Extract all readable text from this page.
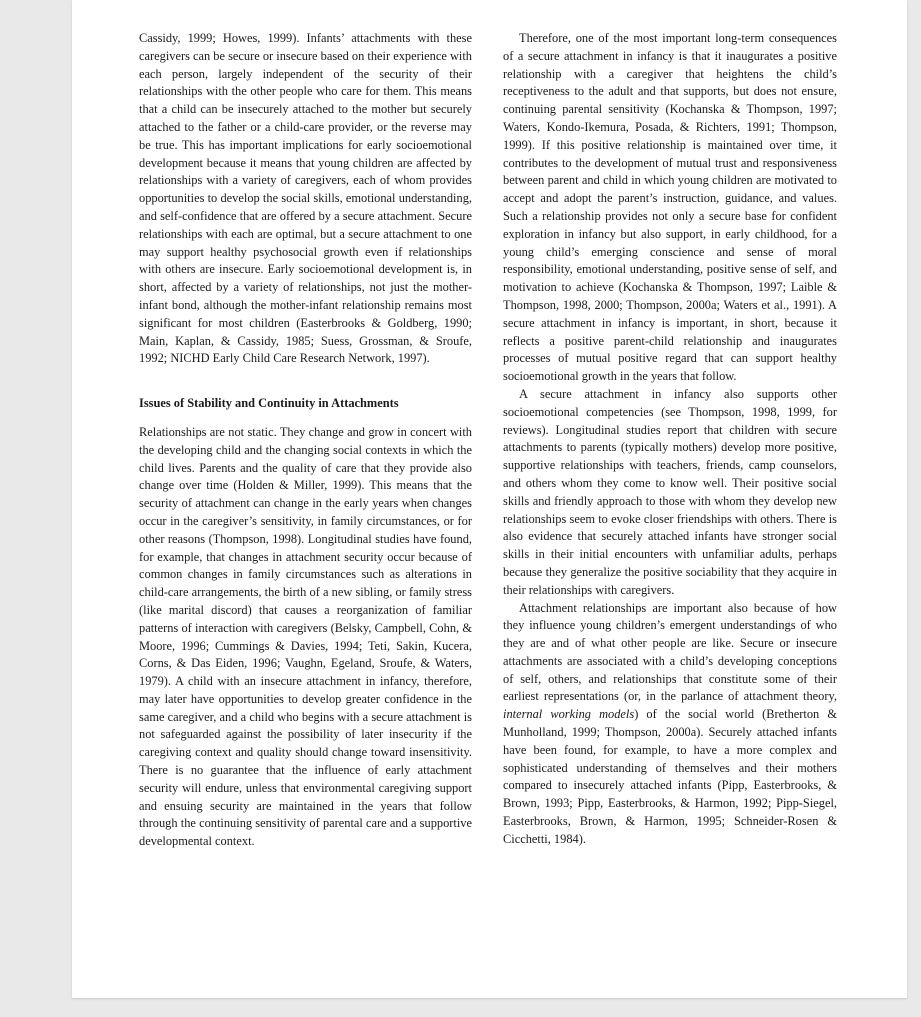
Cassidy, 1999; Howes, 1999). Infants’ attachments with these caregivers can be secure or insecure based on their experience with each person, largely independent of the security of their relationships with the other people who care for them. This means that a child can be insecurely attached to the mother but securely attached to the father or a child-care provider, or the reverse may be true. This has important implications for early socioemotional development because it means that young children are affected by relationships with a variety of caregivers, each of whom provides opportunities to develop the social skills, emotional understanding, and self-confidence that are offered by a secure attachment. Secure relationships with each are optimal, but a secure attachment to one may support healthy psychosocial growth even if relationships with others are insecure. Early socioemotional development is, in short, affected by a variety of relationships, not just the mother-infant bond, although the mother-infant relationship remains most significant for most children (Easterbrooks & Goldberg, 1990; Main, Kaplan, & Cassidy, 1985; Suess, Grossman, & Sroufe, 1992; NICHD Early Child Care Research Network, 1997).

Issues of Stability and Continuity in Attachments

Relationships are not static. They change and grow in concert with the developing child and the changing social contexts in which the child lives. Parents and the quality of care that they provide also change over time (Holden & Miller, 1999). This means that the security of attachment can change in the early years when changes occur in the caregiver’s sensitivity, in family circumstances, or for other reasons (Thompson, 1998). Longitudinal studies have found, for example, that changes in attachment security occur because of common changes in family circumstances such as alterations in child-care arrangements, the birth of a new sibling, or family stress (like marital discord) that causes a reorganization of familiar patterns of interaction with caregivers (Belsky, Campbell, Cohn, & Moore, 1996; Cummings & Davies, 1994; Teti, Sakin, Kucera, Corns, & Das Eiden, 1996; Vaughn, Egeland, Sroufe, & Waters, 1979). A child with an insecure attachment in infancy, therefore, may later have opportunities to develop greater confidence in the same caregiver, and a child who begins with a secure attachment is not safeguarded against the possibility of later insecurity if the caregiving context and quality should change toward insensitivity. There is no guarantee that the influence of early attachment security will endure, unless that environmental caregiving support and ensuing security are maintained in the years that follow through the continuing sensitivity of parental care and a supportive developmental context.

Therefore, one of the most important long-term consequences of a secure attachment in infancy is that it inaugurates a positive relationship with a caregiver that heightens the child’s receptiveness to the adult and that supports, but does not ensure, continuing parental sensitivity (Kochanska & Thompson, 1997; Waters, Kondo-Ikemura, Posada, & Richters, 1991; Thompson, 1999). If this positive relationship is maintained over time, it contributes to the development of mutual trust and responsiveness between parent and child in which young children are motivated to accept and adopt the parent’s instruction, guidance, and values. Such a relationship provides not only a secure base for confident exploration in infancy but also support, in early childhood, for a young child’s emerging conscience and sense of moral responsibility, emotional understanding, positive sense of self, and motivation to achieve (Kochanska & Thompson, 1997; Laible & Thompson, 1998, 2000; Thompson, 2000a; Waters et al., 1991). A secure attachment in infancy is important, in short, because it reflects a positive parent-child relationship and inaugurates processes of mutual positive regard that can support healthy socioemotional growth in the years that follow.

A secure attachment in infancy also supports other socioemotional competencies (see Thompson, 1998, 1999, for reviews). Longitudinal studies report that children with secure attachments to parents (typically mothers) develop more positive, supportive relationships with teachers, friends, camp counselors, and others whom they come to know well. Their positive social skills and friendly approach to those with whom they develop new relationships seem to evoke closer friendships with others. There is also evidence that securely attached infants have stronger social skills in their initial encounters with unfamiliar adults, perhaps because they generalize the positive sociability that they acquire in their relationships with caregivers.

Attachment relationships are important also because of how they influence young children’s emergent understandings of who they are and of what other people are like. Secure or insecure attachments are associated with a child’s developing conceptions of self, others, and relationships that constitute some of their earliest representations (or, in the parlance of attachment theory, internal working models) of the social world (Bretherton & Munholland, 1999; Thompson, 2000a). Securely attached infants have been found, for example, to have a more complex and sophisticated understanding of themselves and their mothers compared to insecurely attached infants (Pipp, Easterbrooks, & Brown, 1993; Pipp, Easterbrooks, & Harmon, 1992; Pipp-Siegel, Easterbrooks, Brown, & Harmon, 1995; Schneider-Rosen & Cicchetti, 1984).
